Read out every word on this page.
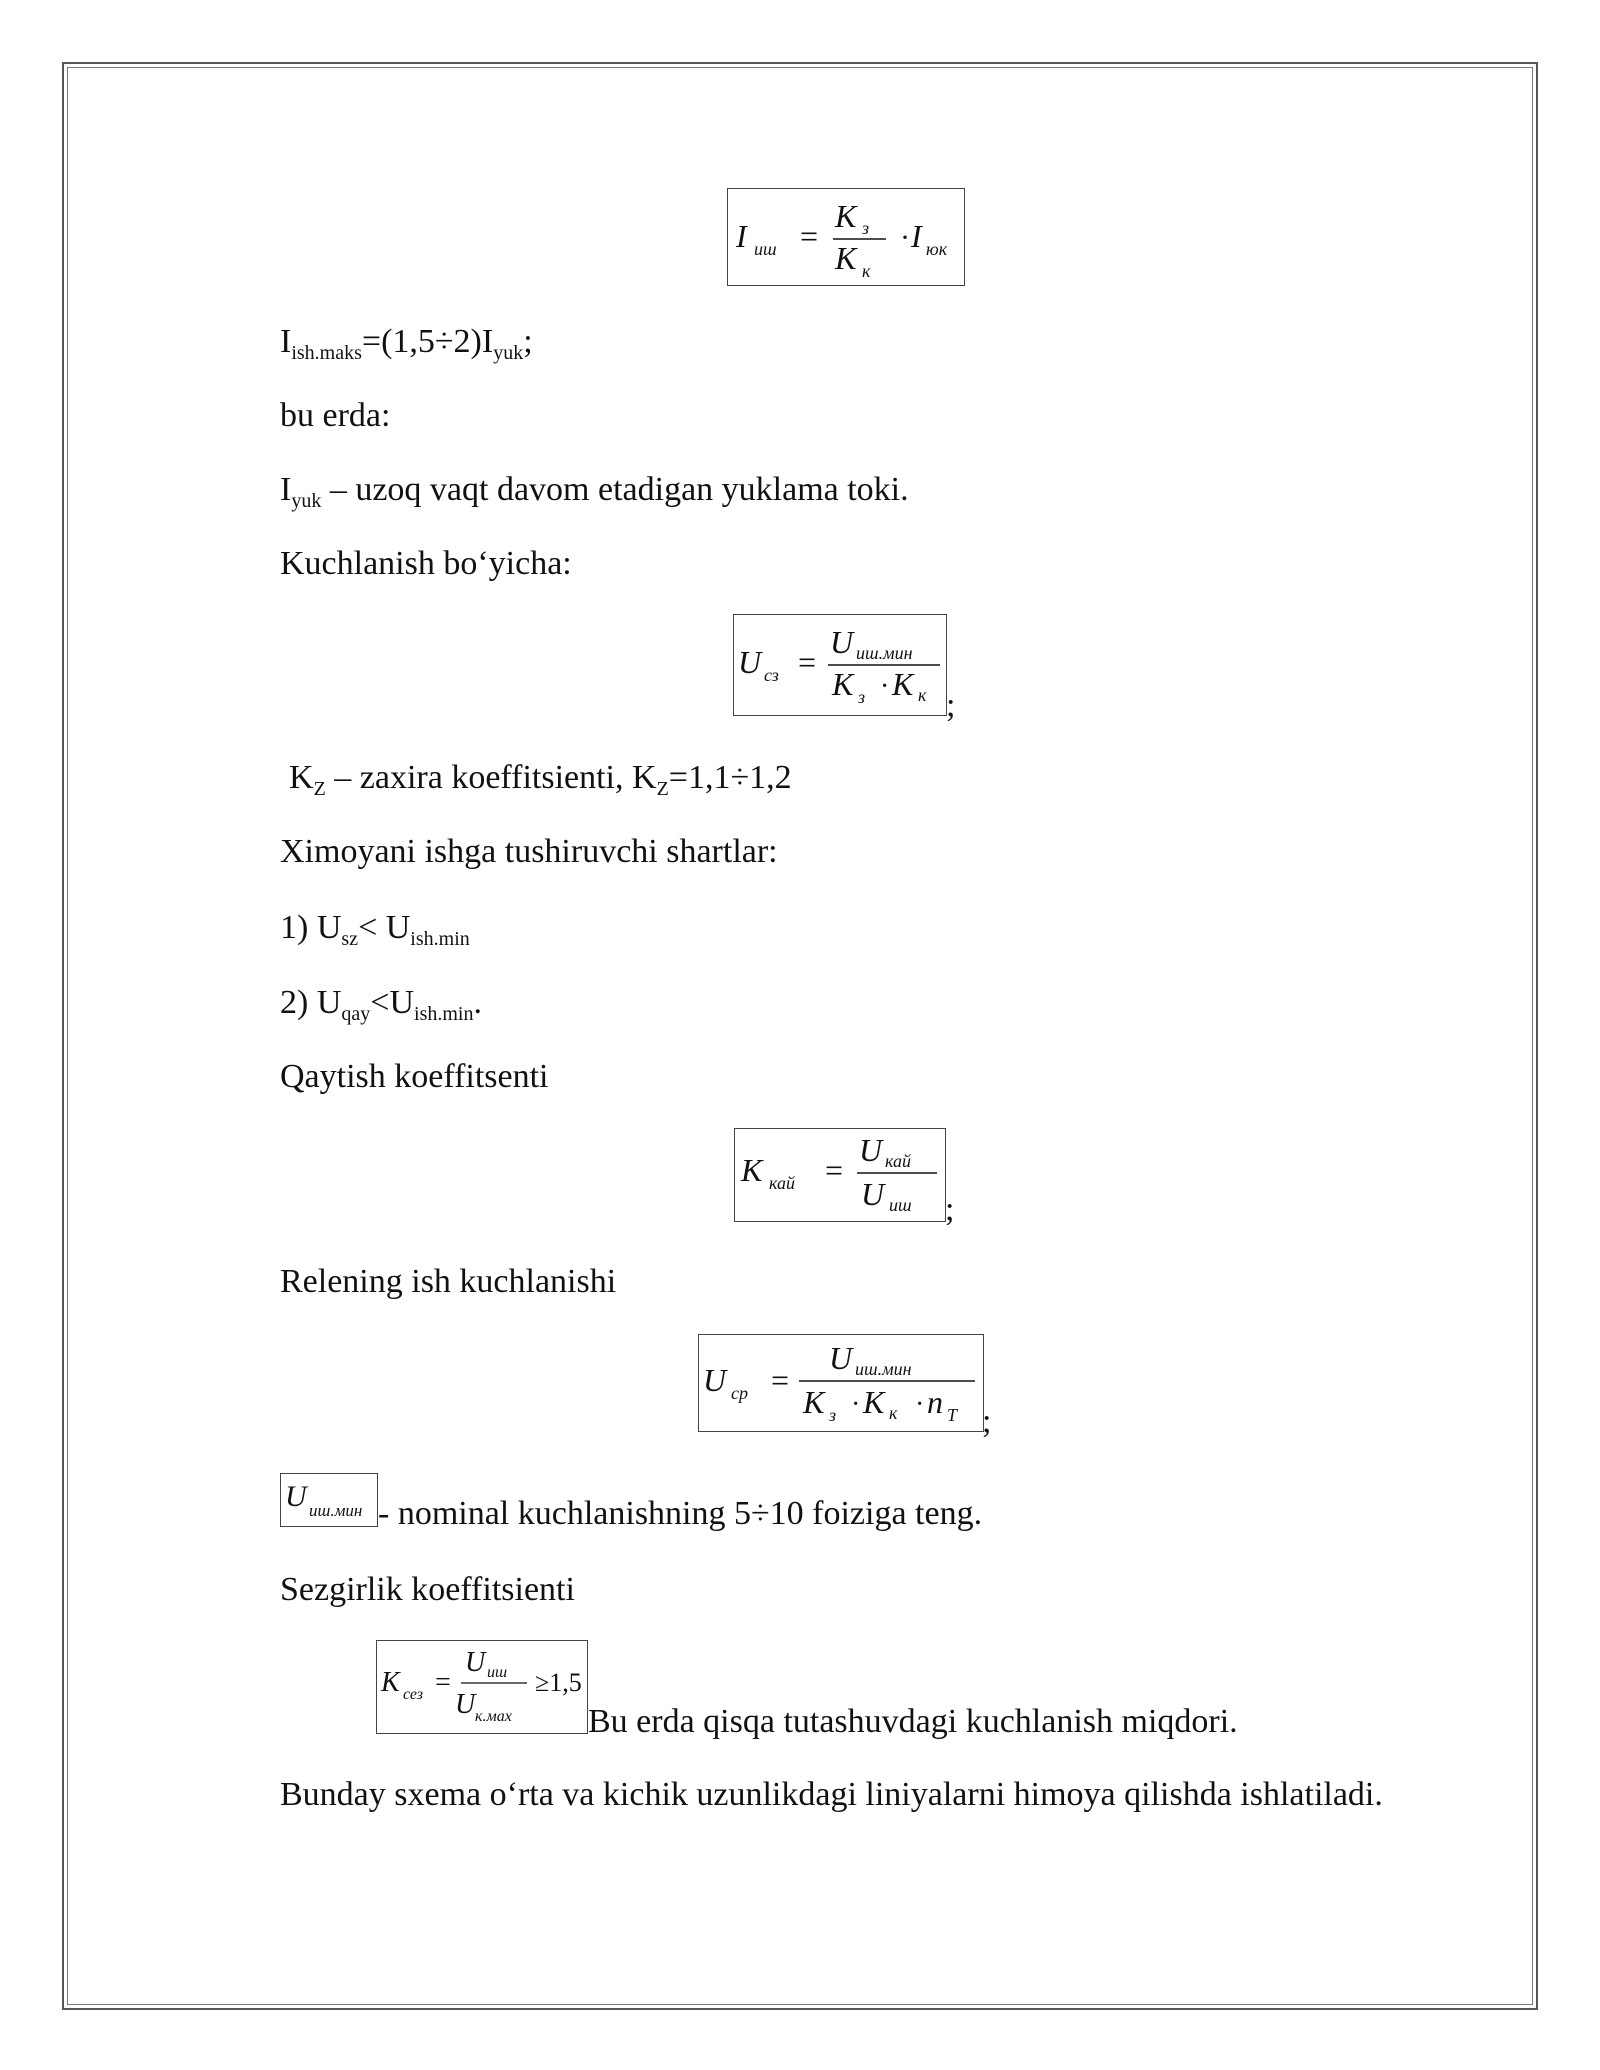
I иш =
K з
K к
· I юк
$I_{ish.maks}=(1,5\div 2)I_{yuk}$;
bu erda:
$I_{yuk}$ – uzoq vaqt davom etadigan yuklama toki.
Kuchlanish bo‘yicha:
U сз =
U иш.мин
K з · K к ;
$K_Z$ – zaxira koeffitsienti, $K_Z=1,1\div 1,2$
Ximoyani ishga tushiruvchi shartlar:
1) $U_{sz}< U_{ish.min}$
2) $U_{qay}<U_{ish.min}$.
Qaytish koeffitsenti
K кай =
U кай
U иш ;
Relening ish kuchlanishi
U ср =
U иш.мин
K з · K к · n T ;
U иш.мин - nominal kuchlanishning 5÷10 foiziga teng.
Sezgirlik koeffitsienti
K сез =
U иш
U к.мах
≥1,5
Bu erda qisqa tutashuvdagi kuchlanish miqdori.
Bunday sxema o‘rta va kichik uzunlikdagi liniyalarni himoya qilishda ishlatiladi.
